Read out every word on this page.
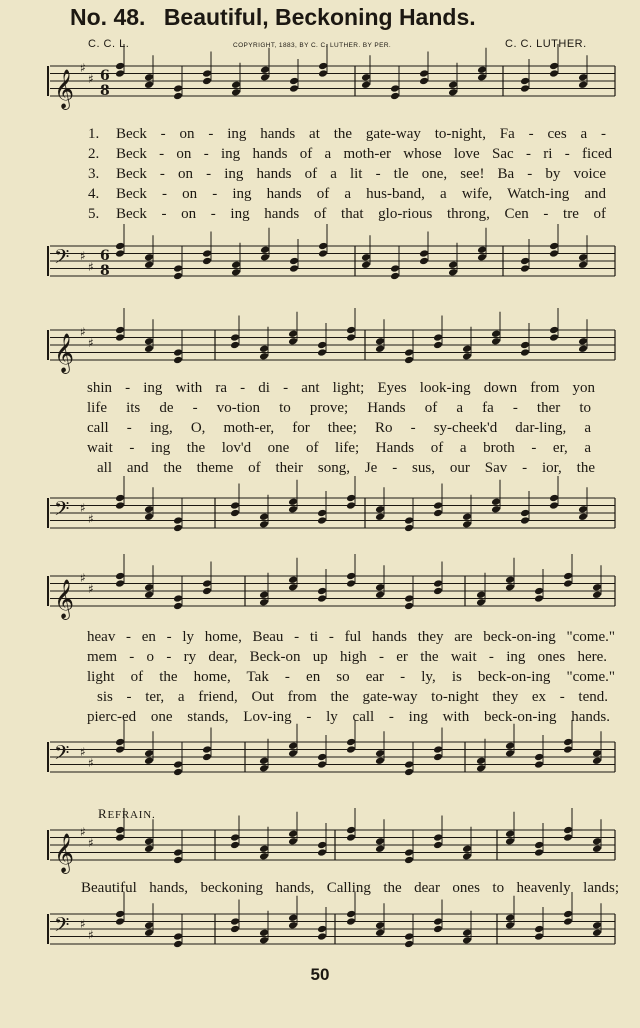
No. 48. Beautiful, Beckoning Hands.
C. C. L.	COPYRIGHT, 1883, BY C. C. LUTHER. BY PER.	C. C. LUTHER.
𝄞
♯
♯ 6
8
1. Beck - on - ing hands at the gate-way to-night, Fa - ces a -
2. Beck - on - ing hands of a moth-er whose love Sac - ri - ficed
3. Beck - on - ing hands of a lit - tle one, see! Ba - by voice
4. Beck - on - ing hands of a hus-band, a wife, Watch-ing and
5. Beck - on - ing hands of that glo-rious throng, Cen - tre of
𝄢 ♯
♯
6
8
𝄞
♯
♯
shin - ing with ra - di - ant light; Eyes look-ing down from yon
life its de - vo-tion to prove; Hands of a fa - ther to
call - ing, O, moth-er, for thee; Ro - sy-cheek'd dar-ling, a
wait - ing the lov'd one of life; Hands of a broth - er, a
all and the theme of their song, Je - sus, our Sav - ior, the
𝄢 ♯
♯
𝄞
♯
♯
heav - en - ly home, Beau - ti - ful hands they are beck-on-ing "come."
mem - o - ry dear, Beck-on up high - er the wait - ing ones here.
light of the home, Tak - en so ear - ly, is beck-on-ing "come."
sis - ter, a friend, Out from the gate-way to-night they ex - tend.
pierc-ed one stands, Lov-ing - ly call - ing with beck-on-ing hands.
𝄢 ♯
♯
REFRAIN.
𝄞
♯
♯
Beautiful hands, beckoning hands, Calling the dear ones to heavenly lands;
𝄢 ♯
♯
50
